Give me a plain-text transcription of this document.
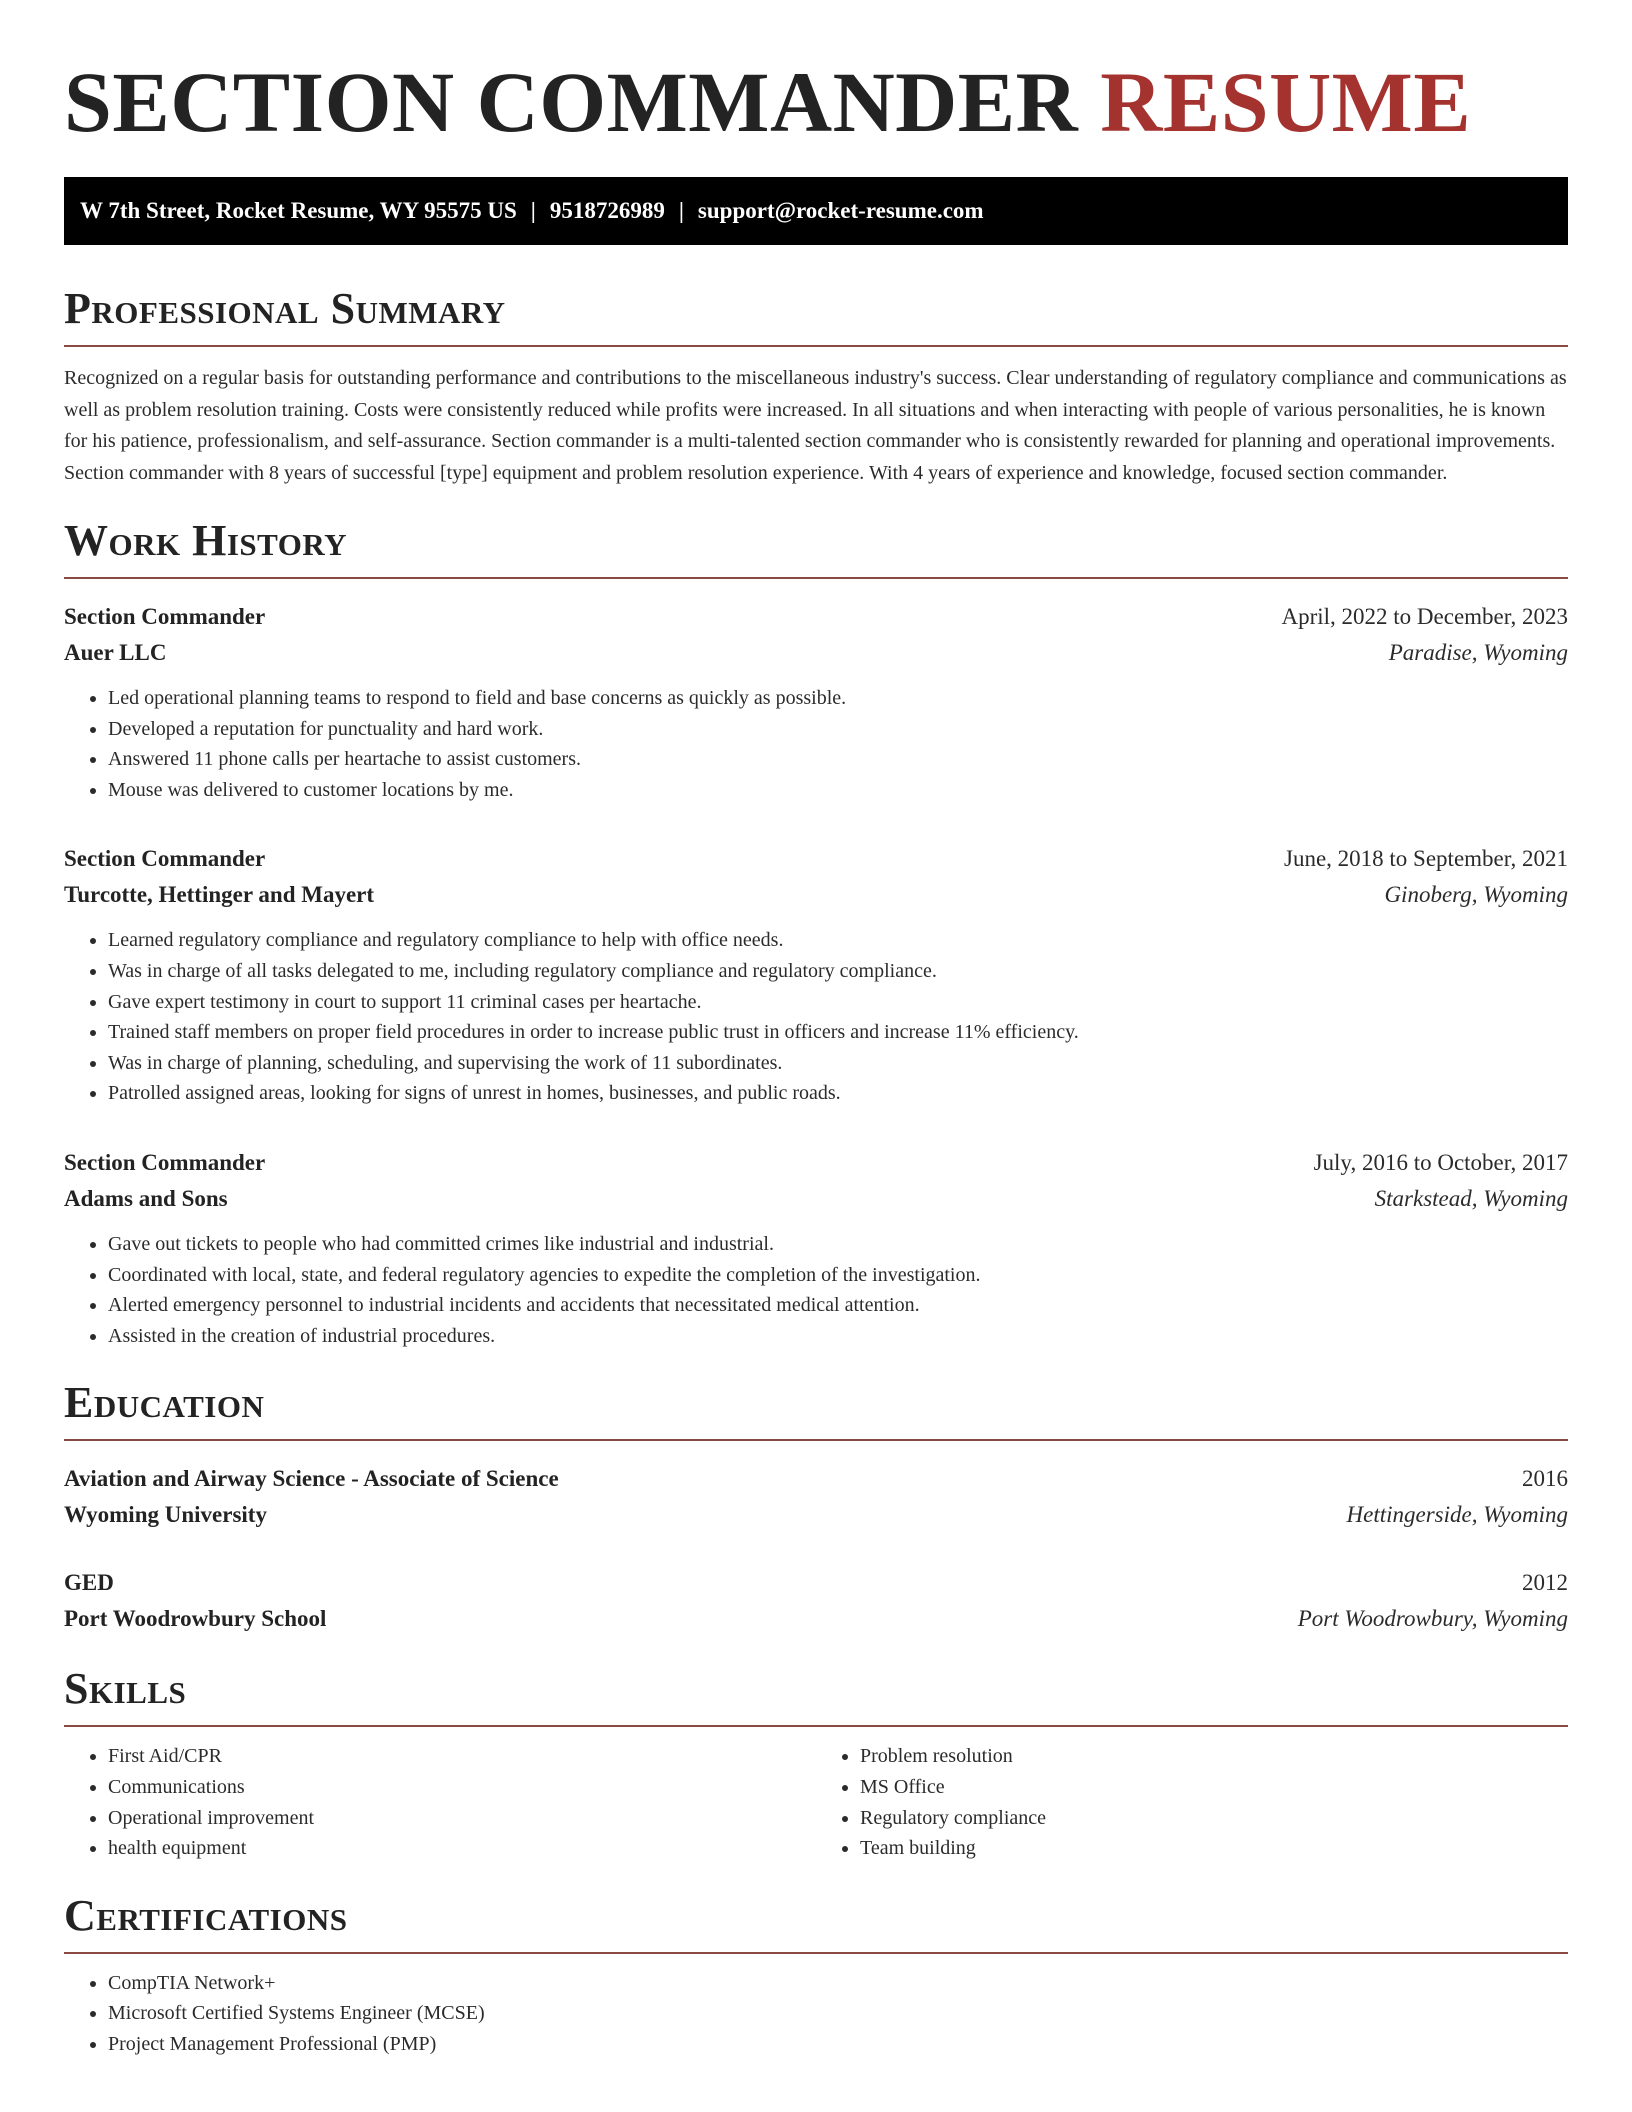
SECTION COMMANDER RESUME
W 7th Street, Rocket Resume, WY 95575 US | 9518726989 | support@rocket-resume.com
Professional Summary

Recognized on a regular basis for outstanding performance and contributions to the miscellaneous industry's success. Clear understanding of regulatory compliance and communications as well as problem resolution training. Costs were consistently reduced while profits were increased. In all situations and when interacting with people of various personalities, he is known for his patience, professionalism, and self-assurance. Section commander is a multi-talented section commander who is consistently rewarded for planning and operational improvements. Section commander with 8 years of successful [type] equipment and problem resolution experience. With 4 years of experience and knowledge, focused section commander.

Work History
Section Commander	April, 2022 to December, 2023
Auer LLC	Paradise, Wyoming
• Led operational planning teams to respond to field and base concerns as quickly as possible.
• Developed a reputation for punctuality and hard work.
• Answered 11 phone calls per heartache to assist customers.
• Mouse was delivered to customer locations by me.
Section Commander	June, 2018 to September, 2021
Turcotte, Hettinger and Mayert	Ginoberg, Wyoming
• Learned regulatory compliance and regulatory compliance to help with office needs.
• Was in charge of all tasks delegated to me, including regulatory compliance and regulatory compliance.
• Gave expert testimony in court to support 11 criminal cases per heartache.
• Trained staff members on proper field procedures in order to increase public trust in officers and increase 11% efficiency.
• Was in charge of planning, scheduling, and supervising the work of 11 subordinates.
• Patrolled assigned areas, looking for signs of unrest in homes, businesses, and public roads.
Section Commander	July, 2016 to October, 2017
Adams and Sons	Starkstead, Wyoming
• Gave out tickets to people who had committed crimes like industrial and industrial.
• Coordinated with local, state, and federal regulatory agencies to expedite the completion of the investigation.
• Alerted emergency personnel to industrial incidents and accidents that necessitated medical attention.
• Assisted in the creation of industrial procedures.
Education
Aviation and Airway Science - Associate of Science	2016
Wyoming University	Hettingerside, Wyoming
GED	2012
Port Woodrowbury School	Port Woodrowbury, Wyoming
Skills
• First Aid/CPR
• Communications
• Operational improvement
• health equipment
• Problem resolution
• MS Office
• Regulatory compliance
• Team building
Certifications
• CompTIA Network+
• Microsoft Certified Systems Engineer (MCSE)
• Project Management Professional (PMP)
